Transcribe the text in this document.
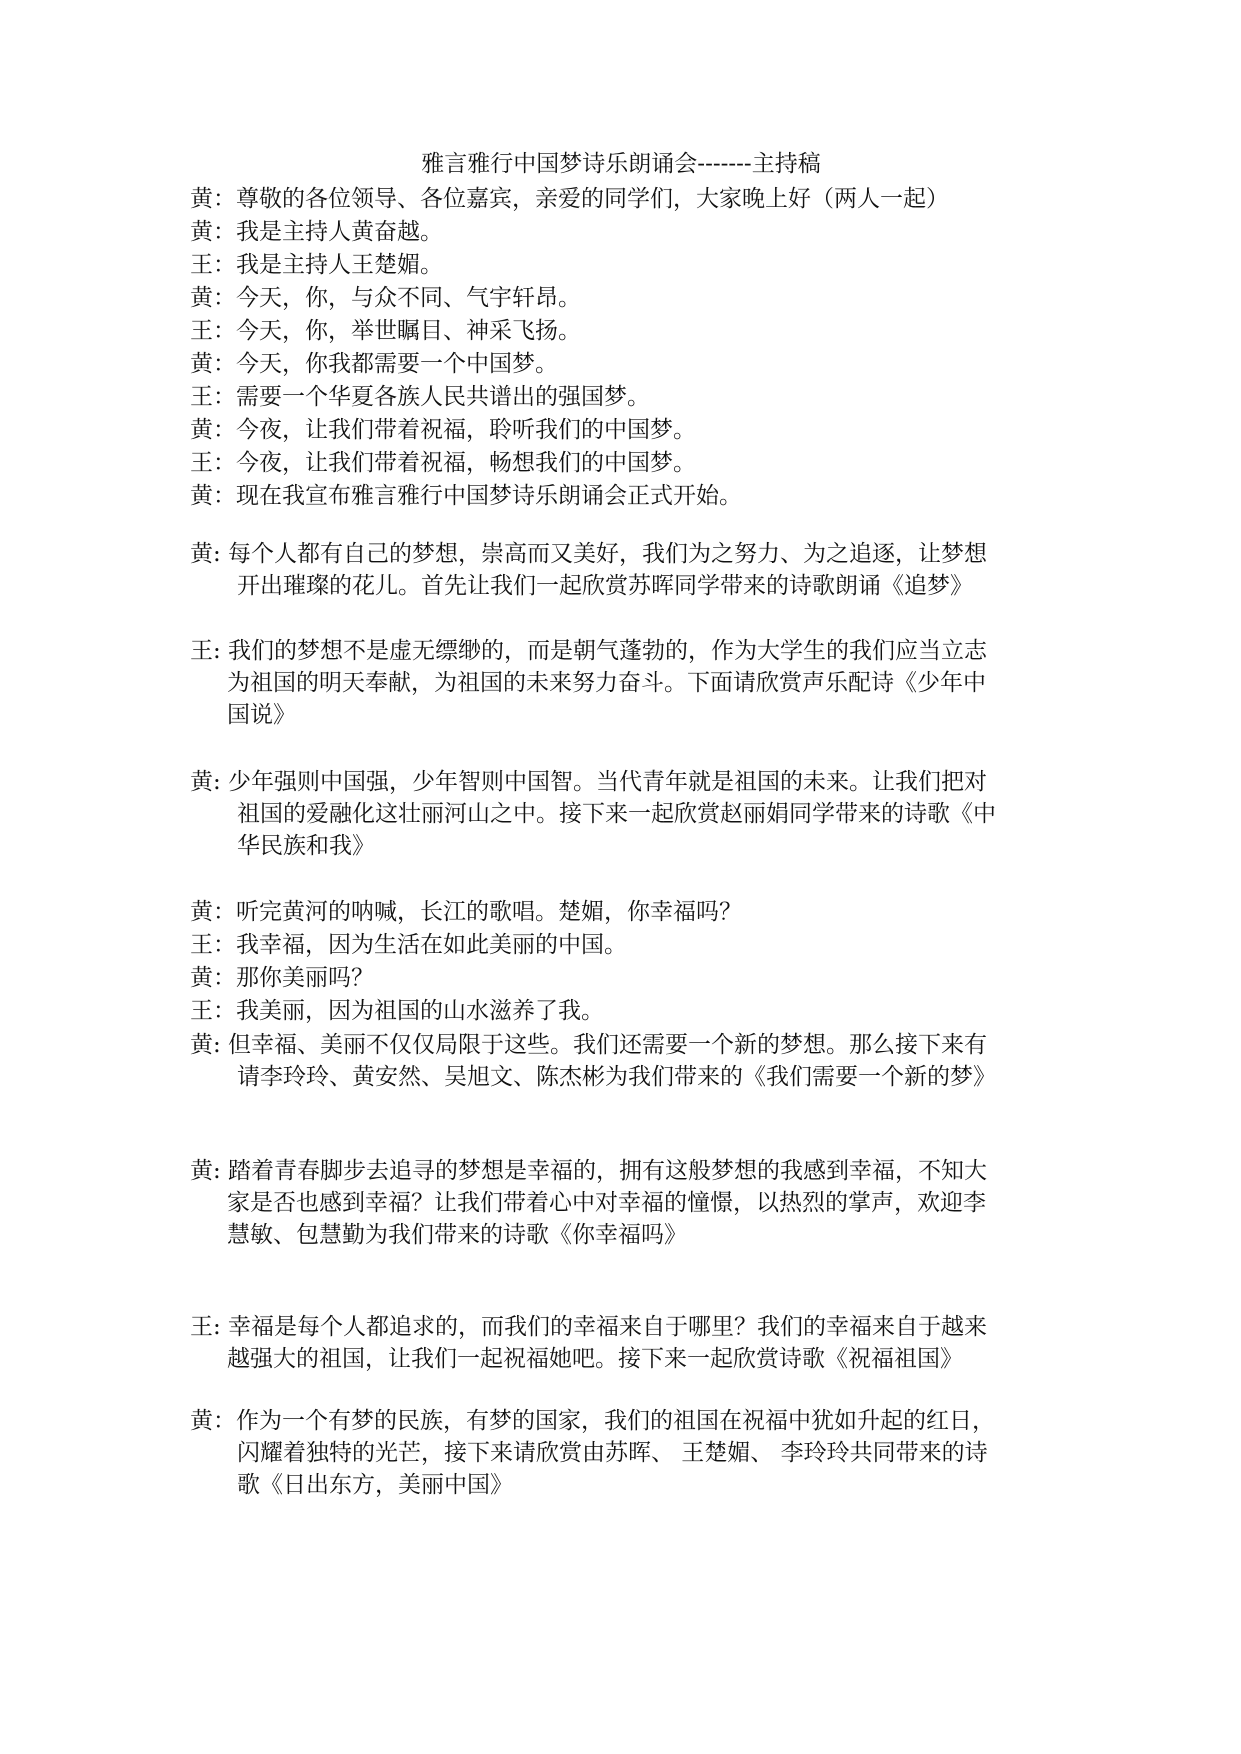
雅言雅行中国梦诗乐朗诵会-------主持稿
黄：尊敬的各位领导、各位嘉宾，亲爱的同学们，大家晚上好（两人一起）
黄：我是主持人黄奋越。
王：我是主持人王楚媚。
黄：今天，你，与众不同、气宇轩昂。
王：今天，你，举世瞩目、神采飞扬。
黄：今天，你我都需要一个中国梦。
王：需要一个华夏各族人民共谱出的强国梦。
黄：今夜，让我们带着祝福，聆听我们的中国梦。
王：今夜，让我们带着祝福，畅想我们的中国梦。
黄：现在我宣布雅言雅行中国梦诗乐朗诵会正式开始。
黄: 每个人都有自己的梦想，崇高而又美好，我们为之努力、为之追逐，让梦想
开出璀璨的花儿。首先让我们一起欣赏苏晖同学带来的诗歌朗诵《追梦》
王: 我们的梦想不是虚无缥缈的，而是朝气蓬勃的，作为大学生的我们应当立志
为祖国的明天奉献，为祖国的未来努力奋斗。下面请欣赏声乐配诗《少年中
国说》
黄: 少年强则中国强，少年智则中国智。当代青年就是祖国的未来。让我们把对
祖国的爱融化这壮丽河山之中。接下来一起欣赏赵丽娟同学带来的诗歌《中
华民族和我》
黄：听完黄河的呐喊，长江的歌唱。楚媚，你幸福吗？
王：我幸福，因为生活在如此美丽的中国。
黄：那你美丽吗？
王：我美丽，因为祖国的山水滋养了我。
黄: 但幸福、美丽不仅仅局限于这些。我们还需要一个新的梦想。那么接下来有
请李玲玲、黄安然、吴旭文、陈杰彬为我们带来的《我们需要一个新的梦》
黄: 踏着青春脚步去追寻的梦想是幸福的，拥有这般梦想的我感到幸福，不知大
家是否也感到幸福？让我们带着心中对幸福的憧憬，以热烈的掌声，欢迎李
慧敏、包慧勤为我们带来的诗歌《你幸福吗》
王: 幸福是每个人都追求的，而我们的幸福来自于哪里？我们的幸福来自于越来
越强大的祖国，让我们一起祝福她吧。接下来一起欣赏诗歌《祝福祖国》
黄：作为一个有梦的民族，有梦的国家，我们的祖国在祝福中犹如升起的红日，
闪耀着独特的光芒，接下来请欣赏由苏晖、 王楚媚、 李玲玲共同带来的诗
歌《日出东方，美丽中国》
